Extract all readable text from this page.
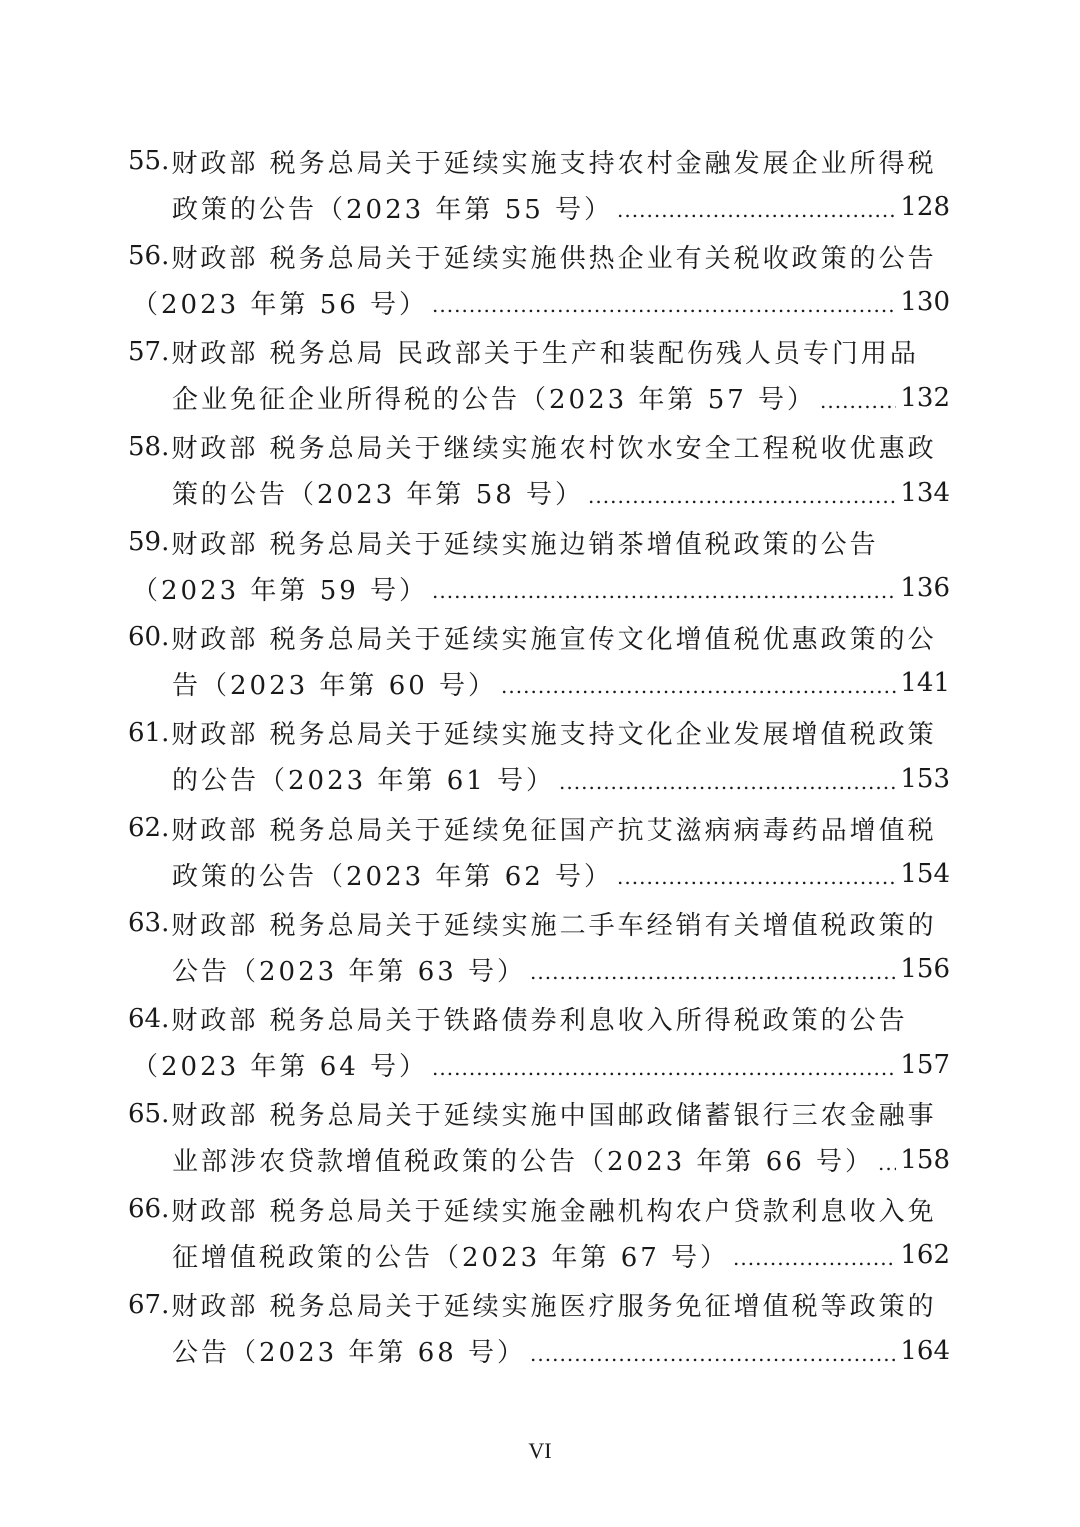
55. 财政部 税务总局关于延续实施支持农村金融发展企业所得税
政策的公告（2023 年第 55 号） .....	128
56. 财政部 税务总局关于延续实施供热企业有关税收政策的公告
（2023 年第 56 号） .....	130
57. 财政部 税务总局 民政部关于生产和装配伤残人员专门用品
企业免征企业所得税的公告（2023 年第 57 号） .....	132
58. 财政部 税务总局关于继续实施农村饮水安全工程税收优惠政
策的公告（2023 年第 58 号） .....	134
59. 财政部 税务总局关于延续实施边销茶增值税政策的公告
（2023 年第 59 号） .....	136
60. 财政部 税务总局关于延续实施宣传文化增值税优惠政策的公
告（2023 年第 60 号） .....	141
61. 财政部 税务总局关于延续实施支持文化企业发展增值税政策
的公告（2023 年第 61 号） .....	153
62. 财政部 税务总局关于延续免征国产抗艾滋病病毒药品增值税
政策的公告（2023 年第 62 号） .....	154
63. 财政部 税务总局关于延续实施二手车经销有关增值税政策的
公告（2023 年第 63 号） .....	156
64. 财政部 税务总局关于铁路债券利息收入所得税政策的公告
（2023 年第 64 号） .....	157
65. 财政部 税务总局关于延续实施中国邮政储蓄银行三农金融事
业部涉农贷款增值税政策的公告（2023 年第 66 号） ..... 158
66. 财政部 税务总局关于延续实施金融机构农户贷款利息收入免
征增值税政策的公告（2023 年第 67 号） .....	162
67. 财政部 税务总局关于延续实施医疗服务免征增值税等政策的
公告（2023 年第 68 号） .....	164
VI
